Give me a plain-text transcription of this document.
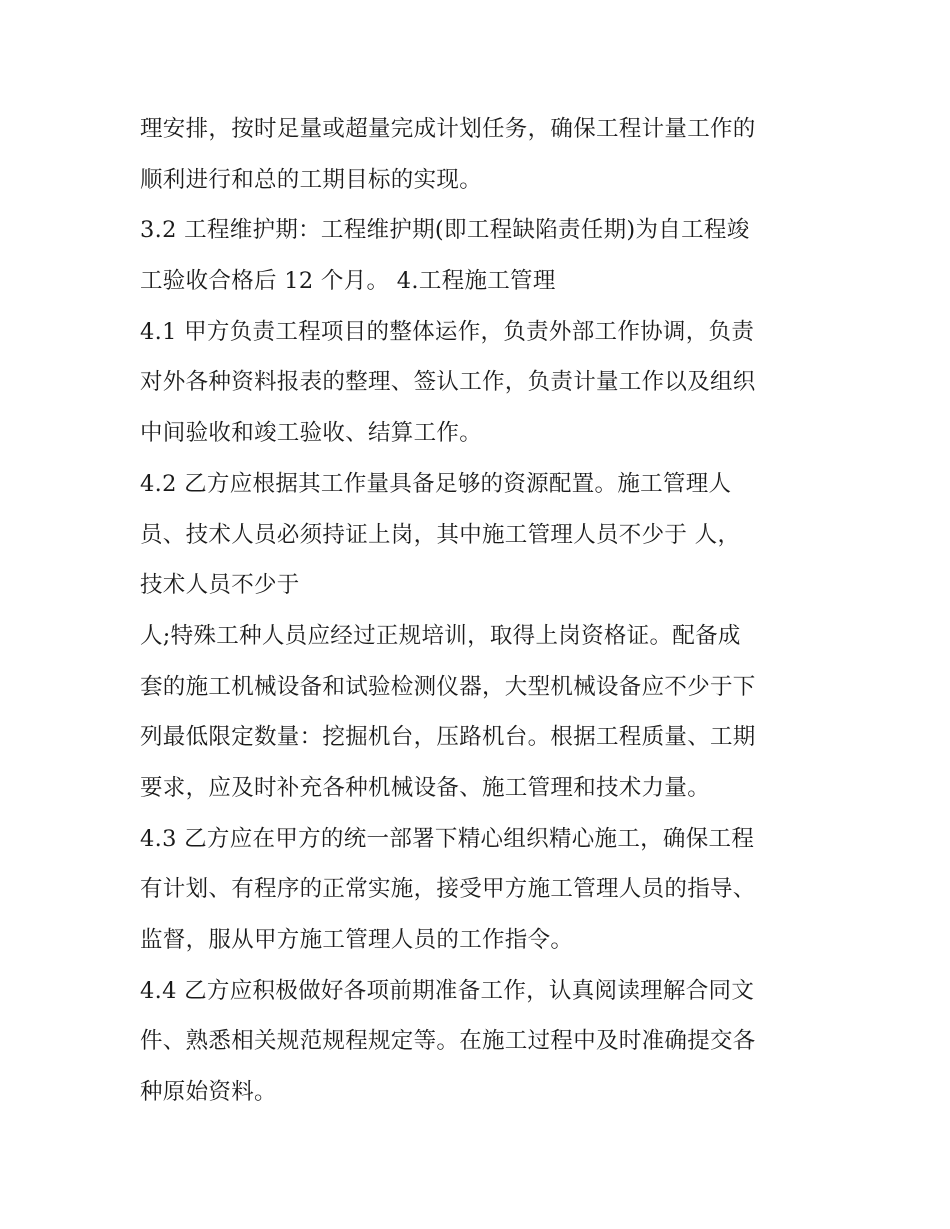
理安排，按时足量或超量完成计划任务，确保工程计量工作的
顺利进行和总的工期目标的实现。
3.2 工程维护期：工程维护期(即工程缺陷责任期)为自工程竣
工验收合格后 12 个月。 4.工程施工管理
4.1 甲方负责工程项目的整体运作，负责外部工作协调，负责
对外各种资料报表的整理、签认工作，负责计量工作以及组织
中间验收和竣工验收、结算工作。
4.2 乙方应根据其工作量具备足够的资源配置。施工管理人
员、技术人员必须持证上岗，其中施工管理人员不少于 人，
技术人员不少于
人;特殊工种人员应经过正规培训，取得上岗资格证。配备成
套的施工机械设备和试验检测仪器，大型机械设备应不少于下
列最低限定数量：挖掘机台，压路机台。根据工程质量、工期
要求，应及时补充各种机械设备、施工管理和技术力量。
4.3 乙方应在甲方的统一部署下精心组织精心施工，确保工程
有计划、有程序的正常实施，接受甲方施工管理人员的指导、
监督，服从甲方施工管理人员的工作指令。
4.4 乙方应积极做好各项前期准备工作，认真阅读理解合同文
件、熟悉相关规范规程规定等。在施工过程中及时准确提交各
种原始资料。
